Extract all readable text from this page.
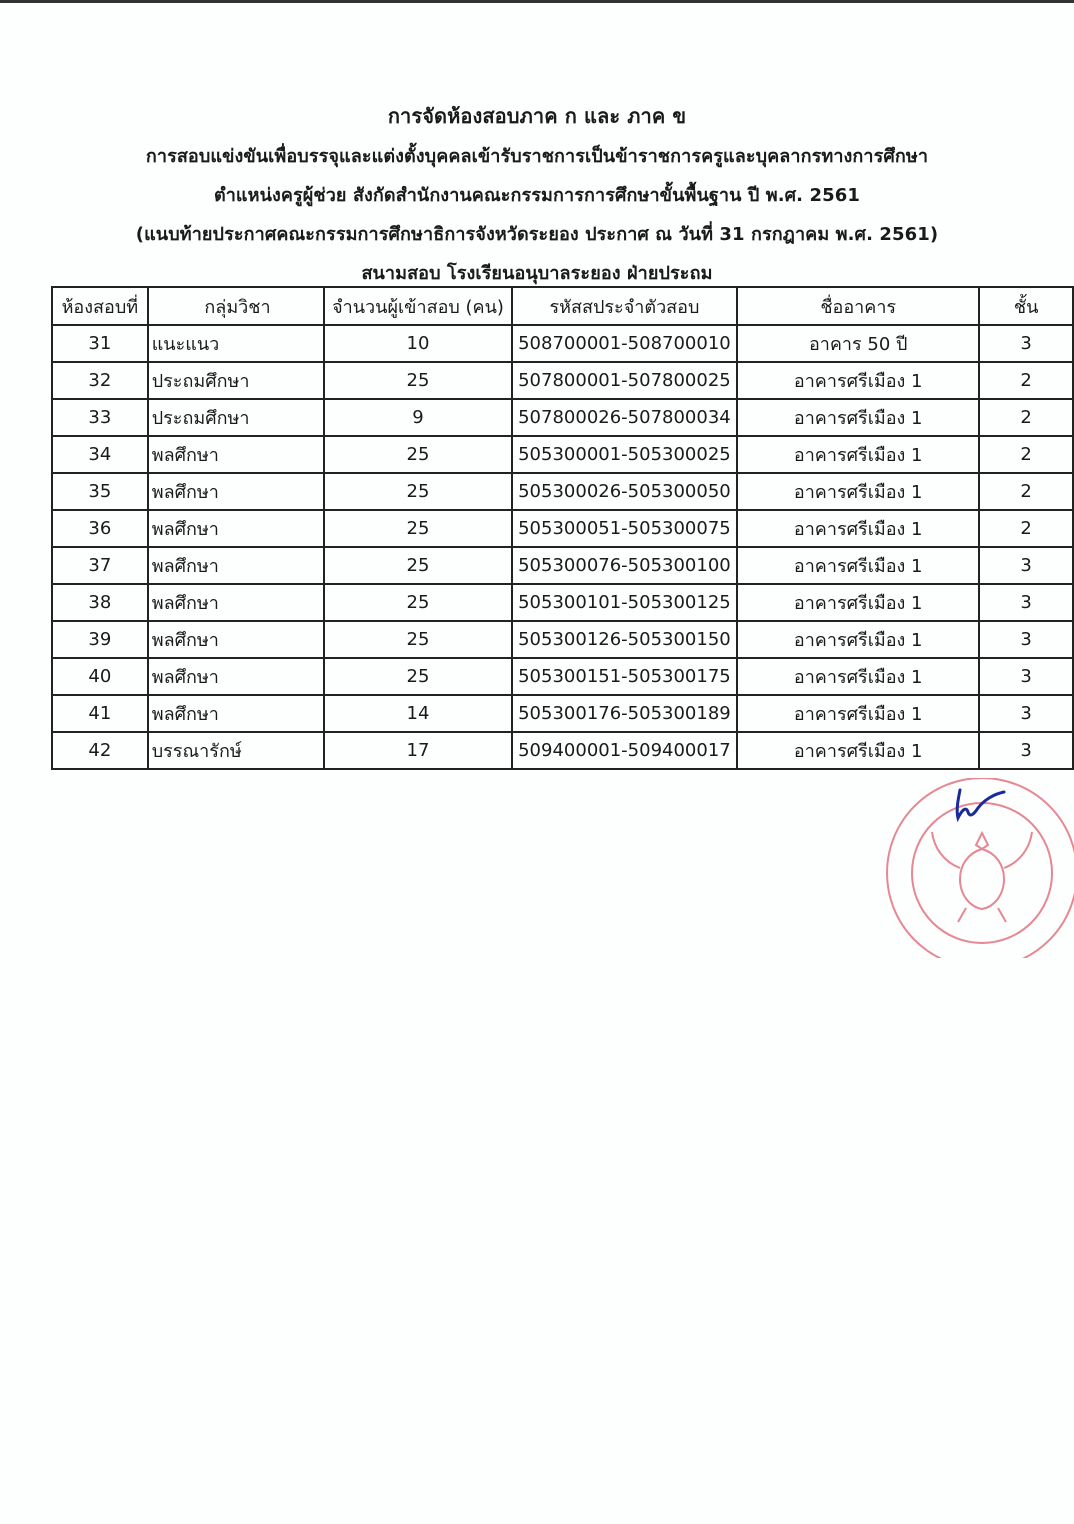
การจัดห้องสอบภาค ก และ ภาค ข
การสอบแข่งขันเพื่อบรรจุและแต่งตั้งบุคคลเข้ารับราชการเป็นข้าราชการครูและบุคลากรทางการศึกษา
ตำแหน่งครูผู้ช่วย สังกัดสำนักงานคณะกรรมการการศึกษาขั้นพื้นฐาน ปี พ.ศ. 2561
(แนบท้ายประกาศคณะกรรมการศึกษาธิการจังหวัดระยอง ประกาศ ณ วันที่ 31 กรกฎาคม พ.ศ. 2561)
สนามสอบ โรงเรียนอนุบาลระยอง ฝ่ายประถม
ห้องสอบที่	กลุ่มวิชา	จำนวนผู้เข้าสอบ (คน)	รหัสสประจำตัวสอบ	ชื่ออาคาร	ชั้น
31	แนะแนว	10	508700001-508700010	อาคาร 50 ปี	3
32	ประถมศึกษา	25	507800001-507800025	อาคารศรีเมือง 1	2
33	ประถมศึกษา	9	507800026-507800034	อาคารศรีเมือง 1	2
34	พลศึกษา	25	505300001-505300025	อาคารศรีเมือง 1	2
35	พลศึกษา	25	505300026-505300050	อาคารศรีเมือง 1	2
36	พลศึกษา	25	505300051-505300075	อาคารศรีเมือง 1	2
37	พลศึกษา	25	505300076-505300100	อาคารศรีเมือง 1	3
38	พลศึกษา	25	505300101-505300125	อาคารศรีเมือง 1	3
39	พลศึกษา	25	505300126-505300150	อาคารศรีเมือง 1	3
40	พลศึกษา	25	505300151-505300175	อาคารศรีเมือง 1	3
41	พลศึกษา	14	505300176-505300189	อาคารศรีเมือง 1	3
42	บรรณารักษ์	17	509400001-509400017	อาคารศรีเมือง 1	3
